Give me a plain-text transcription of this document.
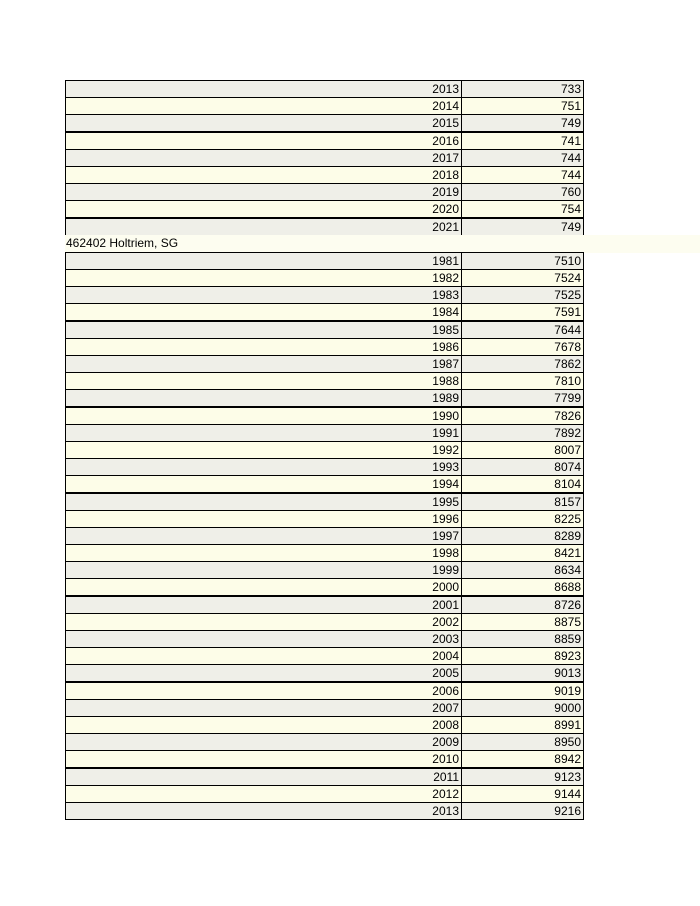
2013	733
2014	751
2015	749
2016	741
2017	744
2018	744
2019	760
2020	754
2021	749
462402 Holtriem, SG
1981	7510
1982	7524
1983	7525
1984	7591
1985	7644
1986	7678
1987	7862
1988	7810
1989	7799
1990	7826
1991	7892
1992	8007
1993	8074
1994	8104
1995	8157
1996	8225
1997	8289
1998	8421
1999	8634
2000	8688
2001	8726
2002	8875
2003	8859
2004	8923
2005	9013
2006	9019
2007	9000
2008	8991
2009	8950
2010	8942
2011	9123
2012	9144
2013	9216
